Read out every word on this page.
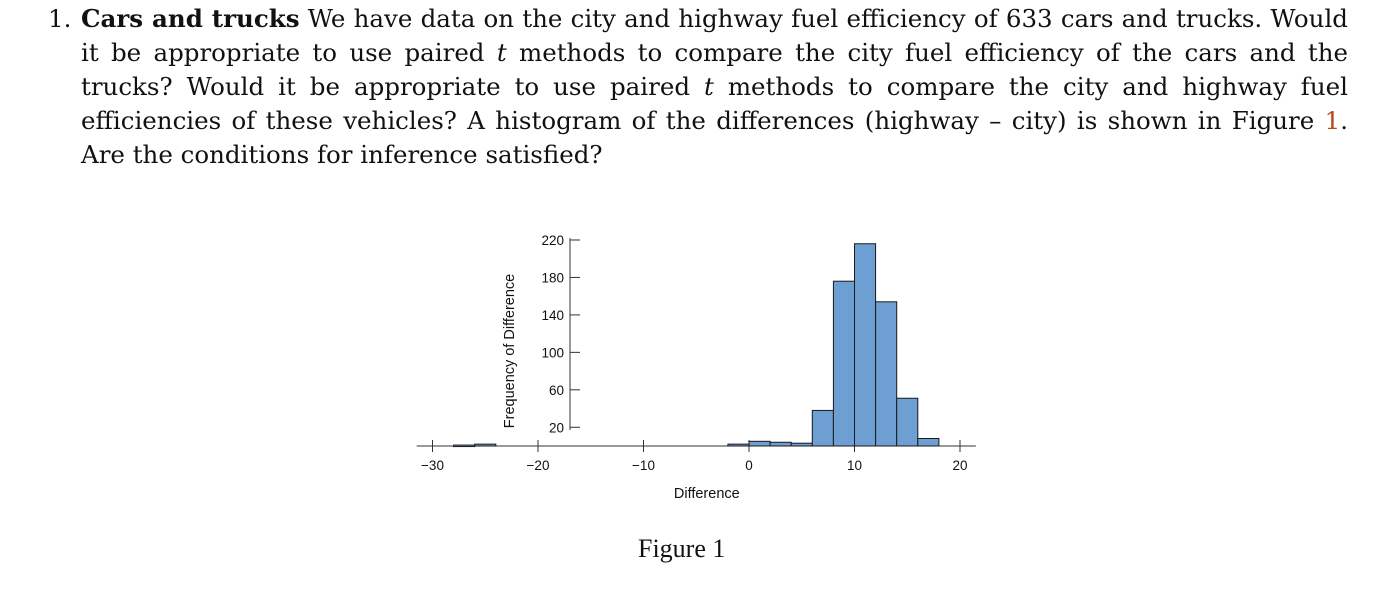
1. Cars and trucks We have data on the city and highway fuel efficiency of 633 cars and trucks. Would it be appropriate to use paired t methods to compare the city fuel efficiency of the cars and the trucks? Would it be appropriate to use paired t methods to compare the city and highway fuel efficiencies of these vehicles? A histogram of the differences (highway – city) is shown in Figure 1. Are the conditions for inference satisfied?
20
60
100
140
180
220
−30	−20	−10	0	10	20
Frequency of Difference
Difference
Figure 1
